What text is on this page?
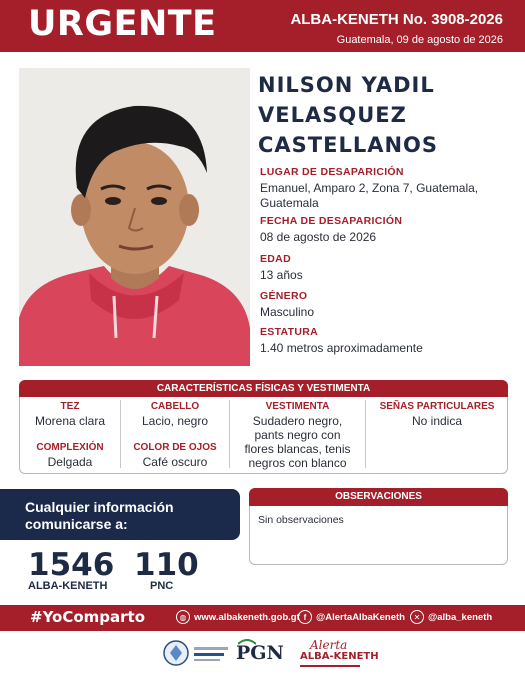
URGENTE	ALBA-KENETH No. 3908-2026
Guatemala, 09 de agosto de 2026
NILSON YADIL
VELASQUEZ
CASTELLANOS
LUGAR DE DESAPARICIÓN
Emanuel, Amparo 2, Zona 7, Guatemala,
Guatemala
FECHA DE DESAPARICIÓN
08 de agosto de 2026
EDAD
13 años
GÉNERO
Masculino
ESTATURA
1.40 metros aproximadamente
CARACTERÍSTICAS FÍSICAS Y VESTIMENTA
TEZ
Morena clara
COMPLEXIÓN
Delgada
CABELLO
Lacio, negro
COLOR DE OJOS
Café oscuro
VESTIMENTA
Sudadero negro,
pants negro con
flores blancas, tenis
negros con blanco
SEÑAS PARTICULARES
No indica
Cualquier información
comunicarse a:
1546
ALBA-KENETH
110
PNC
OBSERVACIONES
Sin observaciones
#YoComparto	◍ www.albakeneth.gob.gt f	@AlertaAlbaKeneth	✕ @alba_keneth
PGN Alerta
ALBA-KENETH
